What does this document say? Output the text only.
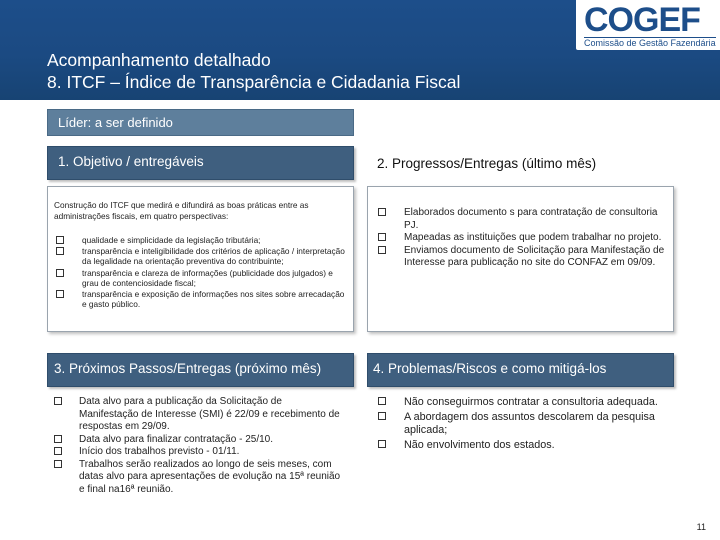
COGEF
Comissão de Gestão Fazendária
Acompanhamento detalhado
8. ITCF – Índice de Transparência e Cidadania Fiscal
Líder: a ser definido
1. Objetivo / entregáveis	2. Progressos/Entregas (último mês)
Construção do ITCF que medirá e difundirá as boas práticas entre as administrações fiscais, em quatro perspectivas:
qualidade e simplicidade da legislação tributária;
transparência e inteligibilidade dos critérios de aplicação / interpretação da legalidade na orientação preventiva do contribuinte;
transparência e clareza de informações (publicidade dos julgados) e grau de contenciosidade fiscal;
transparência e exposição de informações nos sites sobre arrecadação e gasto público.
Elaborados documento s para contratação de consultoria PJ.
Mapeadas as instituições que podem trabalhar no projeto.
Enviamos documento de Solicitação para Manifestação de Interesse para publicação no site do CONFAZ em 09/09.
3. Próximos Passos/Entregas (próximo mês)	4. Problemas/Riscos e como mitigá-los
Data alvo para a publicação da Solicitação de Manifestação de Interesse (SMI) é 22/09 e recebimento de respostas em 29/09.
Data alvo para finalizar contratação - 25/10.
Início dos trabalhos previsto - 01/11.
Trabalhos serão realizados ao longo de seis meses, com datas alvo para apresentações de evolução na 15ª reunião e final na16ª reunião.
Não conseguirmos contratar a consultoria adequada.
A abordagem dos assuntos descolarem da pesquisa aplicada;
Não envolvimento dos estados.
11
